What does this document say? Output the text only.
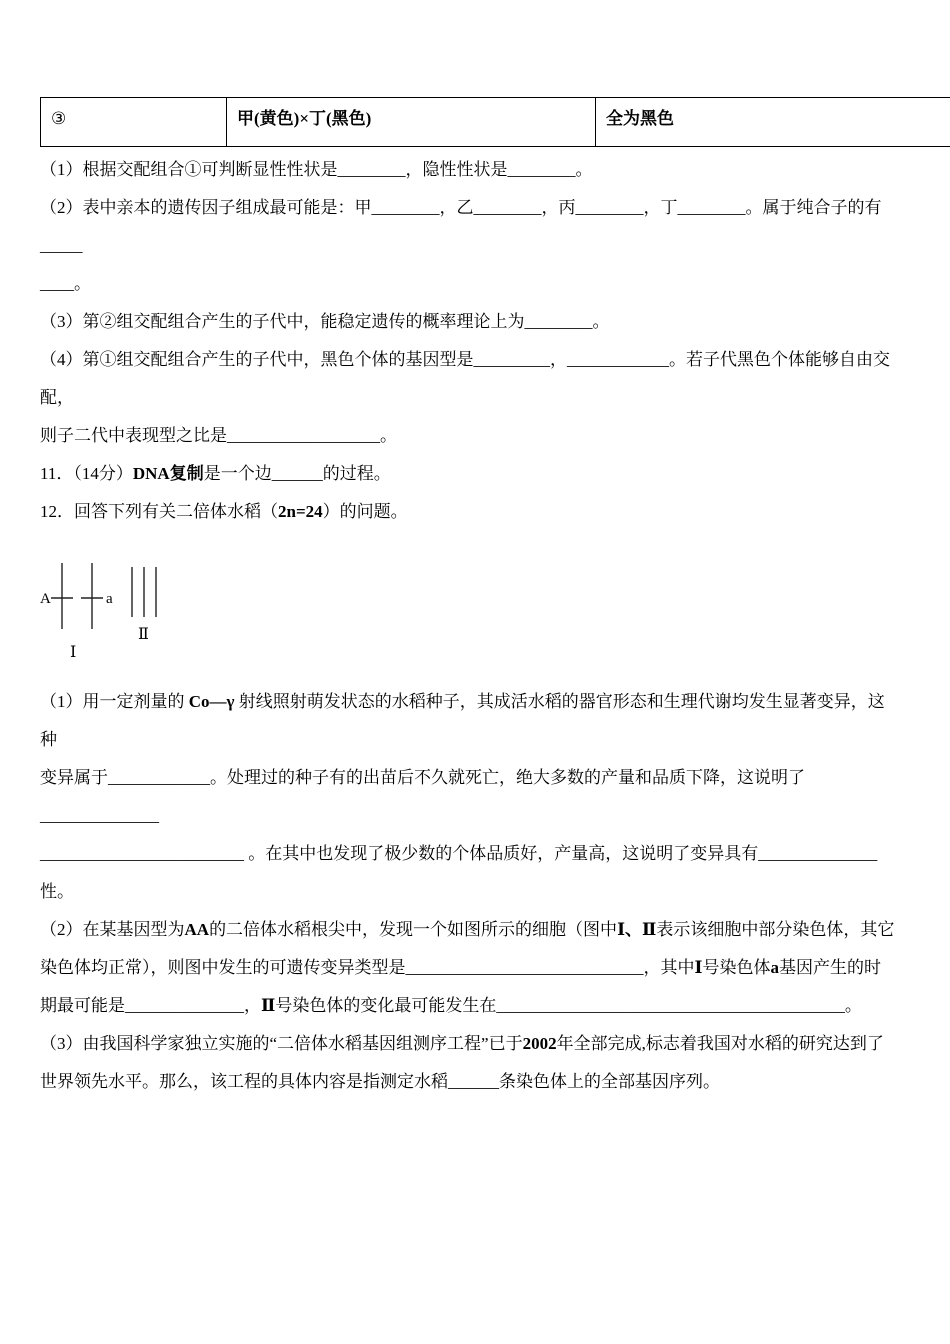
③	甲(黄色)×丁(黑色)	全为黑色
（1）根据交配组合①可判断显性性状是________，隐性性状是________。
（2）表中亲本的遗传因子组成最可能是：甲________，乙________，丙________，丁________。属于纯合子的有_____
____。
（3）第②组交配组合产生的子代中，能稳定遗传的概率理论上为________。
（4）第①组交配组合产生的子代中，黑色个体的基因型是_________，____________。若子代黑色个体能够自由交配，
则子二代中表现型之比是__________________。
11．（14分）DNA复制是一个边______的过程。
12．回答下列有关二倍体水稻（2n=24）的问题。
A	a
Ⅰ
Ⅱ
（1）用一定剂量的 Co—γ 射线照射萌发状态的水稻种子，其成活水稻的器官形态和生理代谢均发生显著变异，这种
变异属于____________。处理过的种子有的出苗后不久就死亡，绝大多数的产量和品质下降，这说明了______________
________________________ 。在其中也发现了极少数的个体品质好，产量高，这说明了变异具有______________
性。
（2）在某基因型为AA的二倍体水稻根尖中，发现一个如图所示的细胞（图中Ⅰ、Ⅱ表示该细胞中部分染色体，其它
染色体均正常），则图中发生的可遗传变异类型是____________________________，其中Ⅰ号染色体a基因产生的时
期最可能是______________，Ⅱ号染色体的变化最可能发生在_________________________________________。
（3）由我国科学家独立实施的“二倍体水稻基因组测序工程”已于2002年全部完成,标志着我国对水稻的研究达到了
世界领先水平。那么，该工程的具体内容是指测定水稻______条染色体上的全部基因序列。
